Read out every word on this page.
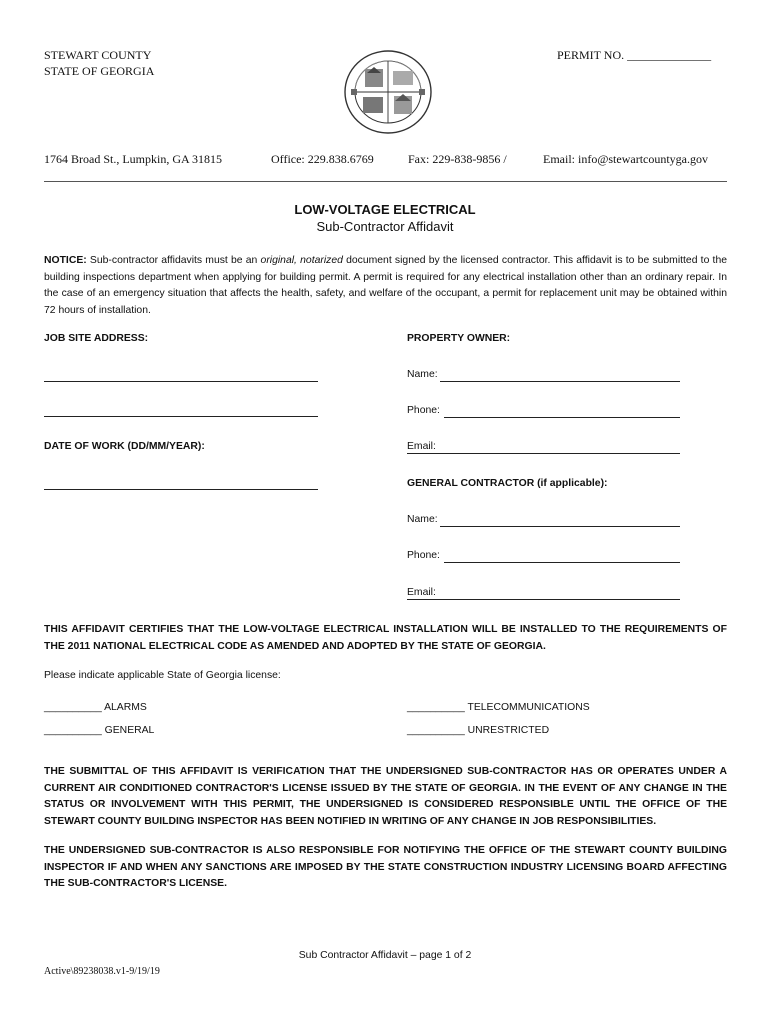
STEWART COUNTY
STATE OF GEORGIA
PERMIT NO. ______________
1764 Broad St., Lumpkin, GA 31815	Office: 229.838.6769	Fax: 229-838-9856 /	Email: info@stewartcountyga.gov
LOW-VOLTAGE ELECTRICAL
Sub-Contractor Affidavit
NOTICE: Sub-contractor affidavits must be an original, notarized document signed by the licensed contractor. This affidavit is to be submitted to the building inspections department when applying for building permit. A permit is required for any electrical installation other than an ordinary repair. In the case of an emergency situation that affects the health, safety, and welfare of the occupant, a permit for replacement unit may be obtained within 72 hours of installation.
JOB SITE ADDRESS:
DATE OF WORK (DD/MM/YEAR):
PROPERTY OWNER:
Name:
Phone:
Email:
GENERAL CONTRACTOR (if applicable):
Name:
Phone:
Email:
THIS AFFIDAVIT CERTIFIES THAT THE LOW-VOLTAGE ELECTRICAL INSTALLATION WILL BE INSTALLED TO THE REQUIREMENTS OF THE 2011 NATIONAL ELECTRICAL CODE AS AMENDED AND ADOPTED BY THE STATE OF GEORGIA.
Please indicate applicable State of Georgia license:
__________ ALARMS	__________ TELECOMMUNICATIONS
__________ GENERAL	__________ UNRESTRICTED
THE SUBMITTAL OF THIS AFFIDAVIT IS VERIFICATION THAT THE UNDERSIGNED SUB-CONTRACTOR HAS OR OPERATES UNDER A CURRENT AIR CONDITIONED CONTRACTOR'S LICENSE ISSUED BY THE STATE OF GEORGIA. IN THE EVENT OF ANY CHANGE IN THE STATUS OR INVOLVEMENT WITH THIS PERMIT, THE UNDERSIGNED IS CONSIDERED RESPONSIBLE UNTIL THE OFFICE OF THE STEWART COUNTY BUILDING INSPECTOR HAS BEEN NOTIFIED IN WRITING OF ANY CHANGE IN JOB RESPONSIBILITIES.
THE UNDERSIGNED SUB-CONTRACTOR IS ALSO RESPONSIBLE FOR NOTIFYING THE OFFICE OF THE STEWART COUNTY BUILDING INSPECTOR IF AND WHEN ANY SANCTIONS ARE IMPOSED BY THE STATE CONSTRUCTION INDUSTRY LICENSING BOARD AFFECTING THE SUB-CONTRACTOR'S LICENSE.
Sub Contractor Affidavit – page 1 of 2
Active\89238038.v1-9/19/19
